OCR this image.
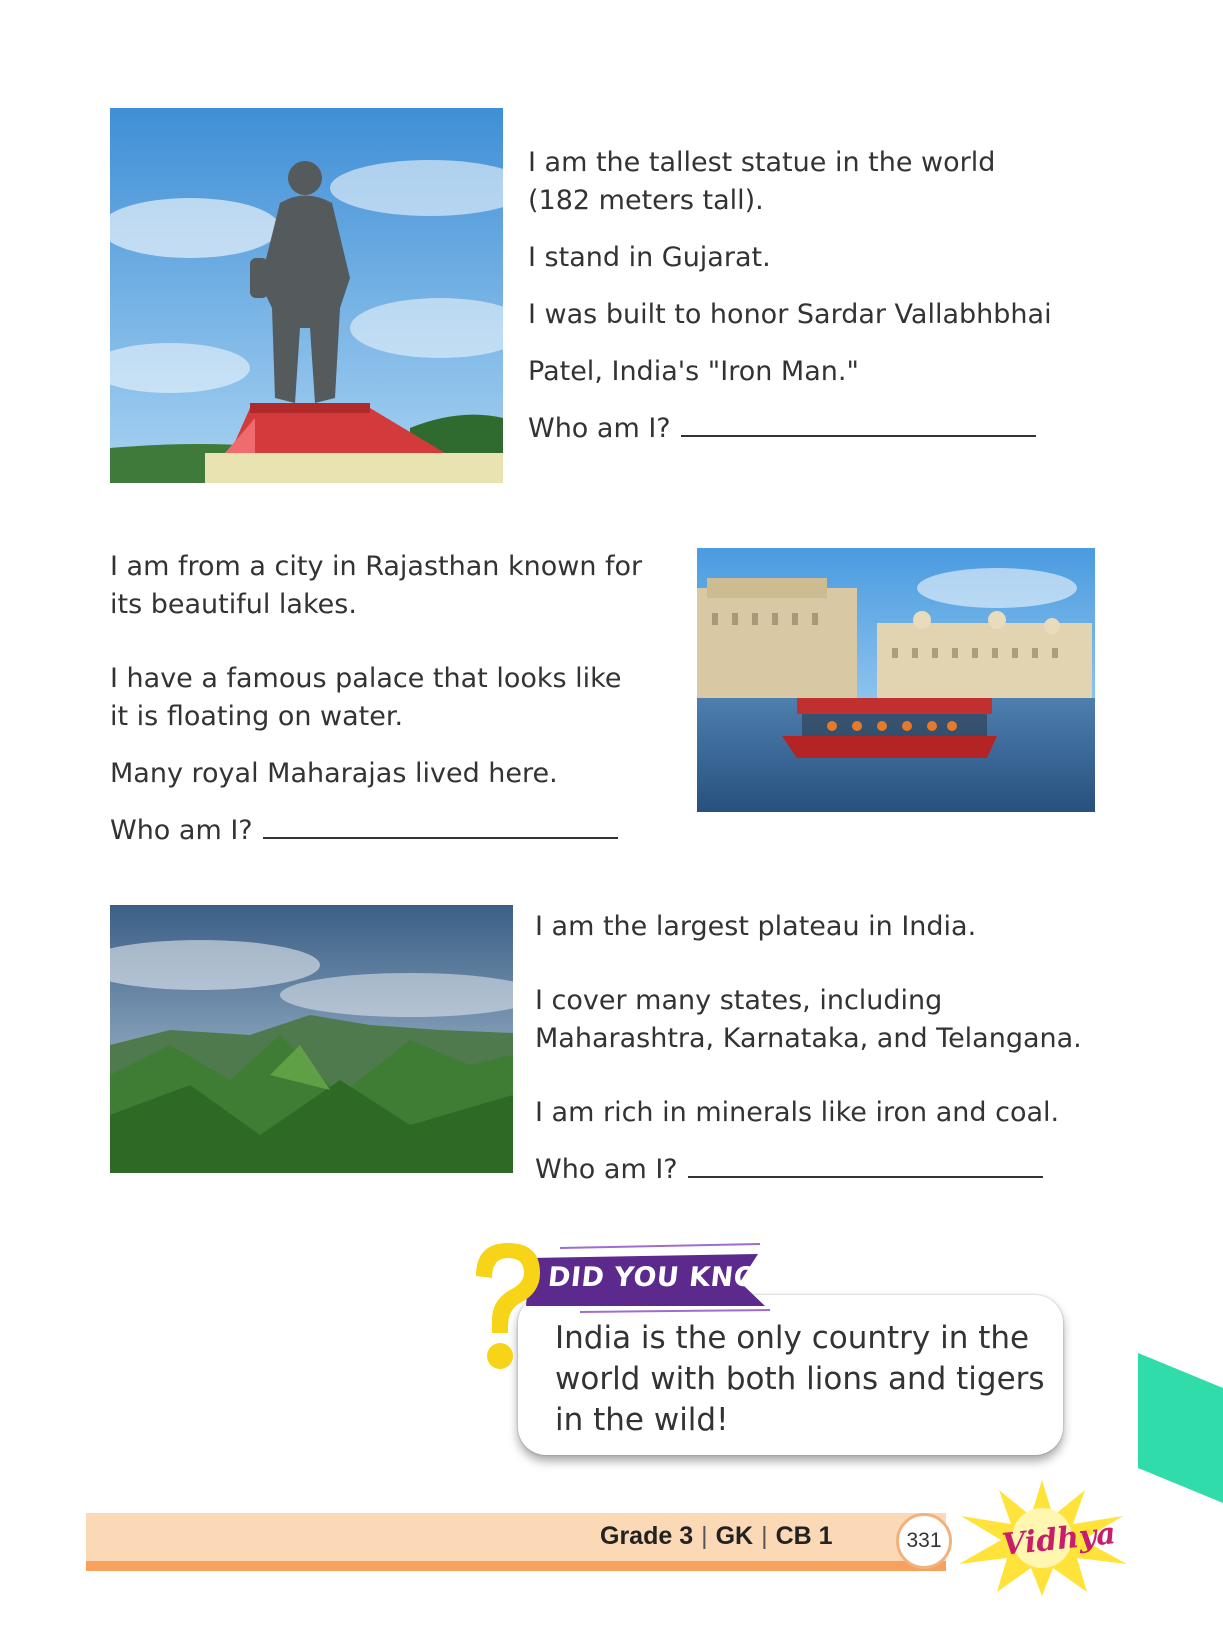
I am the tallest statue in the world

(182 meters tall).

I stand in Gujarat.

I was built to honor Sardar Vallabhbhai

Patel, India's "Iron Man."

Who am I?

I am from a city in Rajasthan known for

its beautiful lakes.

I have a famous palace that looks like

it is floating on water.

Many royal Maharajas lived here.

Who am I?

I am the largest plateau in India.

I cover many states, including

Maharashtra, Karnataka, and Telangana.

I am rich in minerals like iron and coal.

Who am I?

DID YOU KNOW?

India is the only country in the world with both lions and tigers in the wild!

Grade 3 | GK | CB 1	331	Vidhya
